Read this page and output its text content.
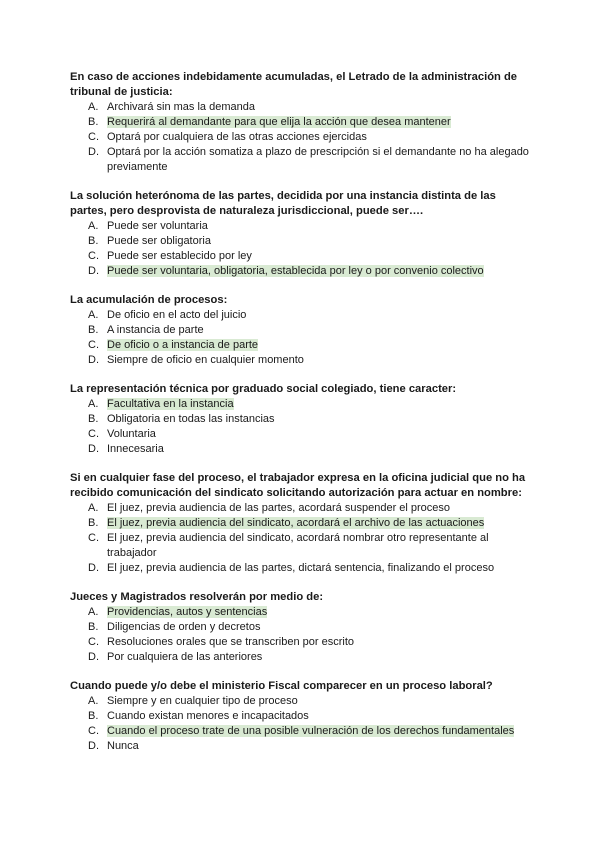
En caso de acciones indebidamente acumuladas, el Letrado de la administración de tribunal de justicia:
A. Archivará sin mas la demanda
B. Requerirá al demandante para que elija la acción que desea mantener
C. Optará por cualquiera de las otras acciones ejercidas
D. Optará por la acción somatiza a plazo de prescripción si el demandante no ha alegado previamente
La solución heterónoma de las partes, decidida por una instancia distinta de las partes, pero desprovista de naturaleza jurisdiccional, puede ser….
A. Puede ser voluntaria
B. Puede ser obligatoria
C. Puede ser establecido por ley
D. Puede ser voluntaria, obligatoria, establecida por ley o por convenio colectivo
La acumulación de procesos:
A. De oficio en el acto del juicio
B. A instancia de parte
C. De oficio o a instancia de parte
D. Siempre de oficio en cualquier momento
La representación técnica por graduado social colegiado, tiene caracter:
A. Facultativa en la instancia
B. Obligatoria en todas las instancias
C. Voluntaria
D. Innecesaria
Si en cualquier fase del proceso, el trabajador expresa en la oficina judicial que no ha recibido comunicación del sindicato solicitando autorización para actuar en nombre:
A. El juez, previa audiencia de las partes, acordará suspender el proceso
B. El juez, previa audiencia del sindicato, acordará el archivo de las actuaciones
C. El juez, previa audiencia del sindicato, acordará nombrar otro representante al trabajador
D. El juez, previa audiencia de las partes, dictará sentencia, finalizando el proceso
Jueces y Magistrados resolverán por medio de:
A. Providencias, autos y sentencias
B. Diligencias de orden y decretos
C. Resoluciones orales que se transcriben por escrito
D. Por cualquiera de las anteriores
Cuando puede y/o debe el ministerio Fiscal comparecer en un proceso laboral?
A. Siempre y en cualquier tipo de proceso
B. Cuando existan menores e incapacitados
C. Cuando el proceso trate de una posible vulneración de los derechos fundamentales
D. Nunca
